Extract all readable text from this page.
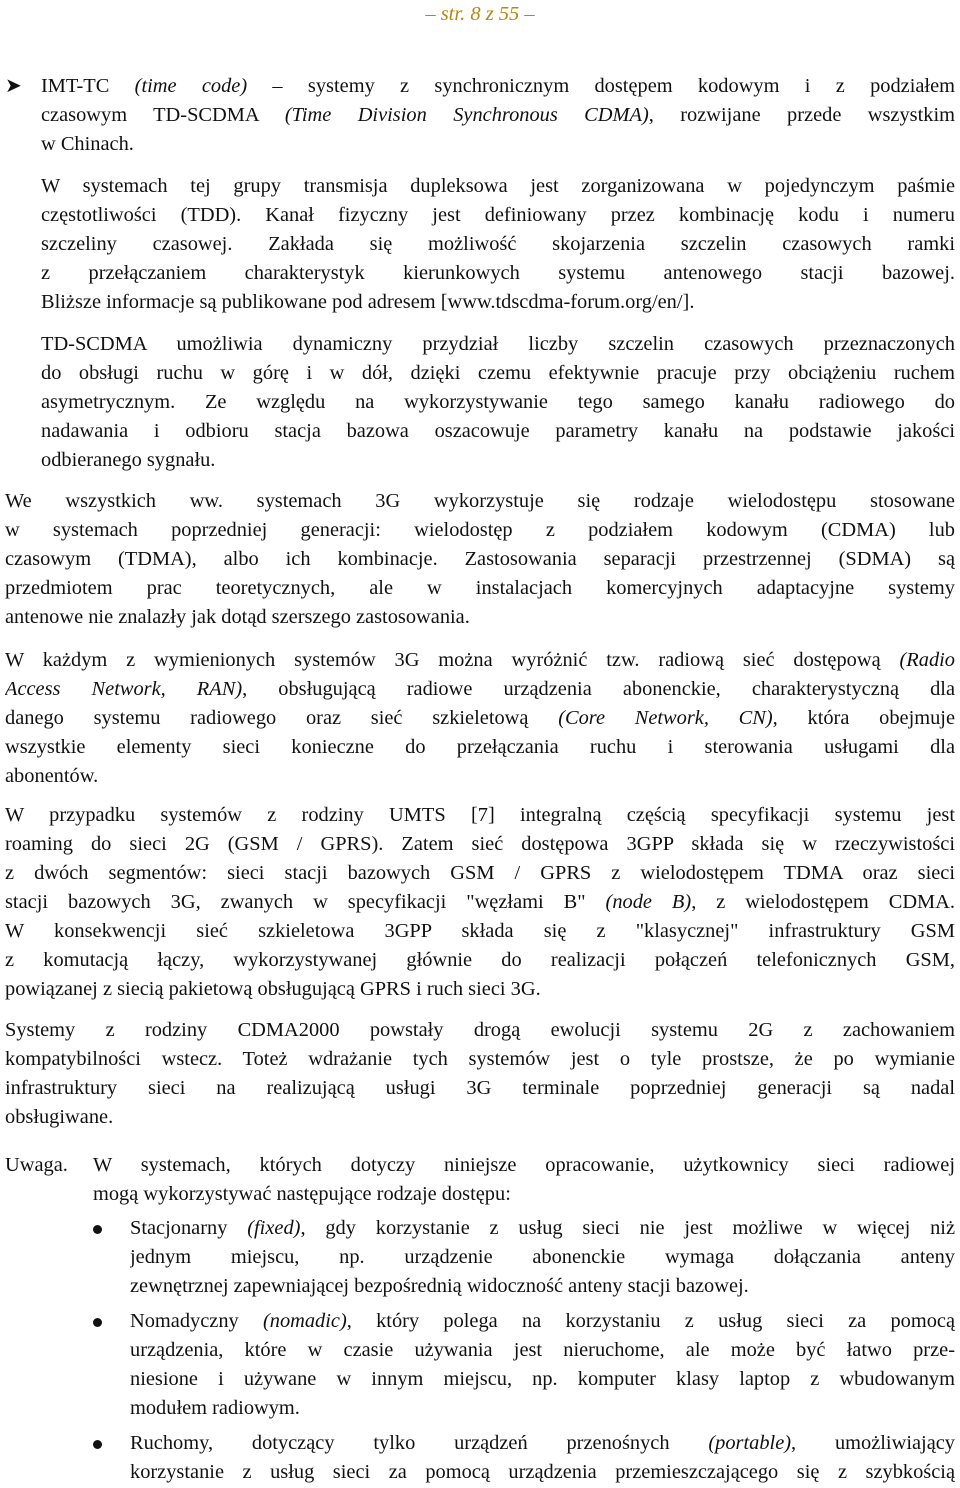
– str. 8 z 55 –
➤ IMT-TC (time code) – systemy z synchronicznym dostępem kodowym i z podziałem
czasowym TD-SCDMA (Time Division Synchronous CDMA), rozwijane przede wszystkim
w Chinach.
W systemach tej grupy transmisja dupleksowa jest zorganizowana w pojedynczym paśmie
częstotliwości (TDD). Kanał fizyczny jest definiowany przez kombinację kodu i numeru
szczeliny czasowej. Zakłada się możliwość skojarzenia szczelin czasowych ramki
z przełączaniem charakterystyk kierunkowych systemu antenowego stacji bazowej.
Bliższe informacje są publikowane pod adresem [www.tdscdma-forum.org/en/].
TD-SCDMA umożliwia dynamiczny przydział liczby szczelin czasowych przeznaczonych
do obsługi ruchu w górę i w dół, dzięki czemu efektywnie pracuje przy obciążeniu ruchem
asymetrycznym. Ze względu na wykorzystywanie tego samego kanału radiowego do
nadawania i odbioru stacja bazowa oszacowuje parametry kanału na podstawie jakości
odbieranego sygnału.
We wszystkich ww. systemach 3G wykorzystuje się rodzaje wielodostępu stosowane
w systemach poprzedniej generacji: wielodostęp z podziałem kodowym (CDMA) lub
czasowym (TDMA), albo ich kombinacje. Zastosowania separacji przestrzennej (SDMA) są
przedmiotem prac teoretycznych, ale w instalacjach komercyjnych adaptacyjne systemy
antenowe nie znalazły jak dotąd szerszego zastosowania.
W każdym z wymienionych systemów 3G można wyróżnić tzw. radiową sieć dostępową (Radio
Access Network, RAN), obsługującą radiowe urządzenia abonenckie, charakterystyczną dla
danego systemu radiowego oraz sieć szkieletową (Core Network, CN), która obejmuje
wszystkie elementy sieci konieczne do przełączania ruchu i sterowania usługami dla
abonentów.
W przypadku systemów z rodziny UMTS [7] integralną częścią specyfikacji systemu jest
roaming do sieci 2G (GSM / GPRS). Zatem sieć dostępowa 3GPP składa się w rzeczywistości
z dwóch segmentów: sieci stacji bazowych GSM / GPRS z wielodostępem TDMA oraz sieci
stacji bazowych 3G, zwanych w specyfikacji "węzłami B" (node B), z wielodostępem CDMA.
W konsekwencji sieć szkieletowa 3GPP składa się z "klasycznej" infrastruktury GSM
z komutacją łączy, wykorzystywanej głównie do realizacji połączeń telefonicznych GSM,
powiązanej z siecią pakietową obsługującą GPRS i ruch sieci 3G.
Systemy z rodziny CDMA2000 powstały drogą ewolucji systemu 2G z zachowaniem
kompatybilności wstecz. Toteż wdrażanie tych systemów jest o tyle prostsze, że po wymianie
infrastruktury sieci na realizującą usługi 3G terminale poprzedniej generacji są nadal
obsługiwane.
Uwaga. W systemach, których dotyczy niniejsze opracowanie, użytkownicy sieci radiowej
mogą wykorzystywać następujące rodzaje dostępu:
Stacjonarny (fixed), gdy korzystanie z usług sieci nie jest możliwe w więcej niż
jednym miejscu, np. urządzenie abonenckie wymaga dołączania anteny
zewnętrznej zapewniającej bezpośrednią widoczność anteny stacji bazowej.
Nomadyczny (nomadic), który polega na korzystaniu z usług sieci za pomocą
urządzenia, które w czasie używania jest nieruchome, ale może być łatwo prze-
niesione i używane w innym miejscu, np. komputer klasy laptop z wbudowanym
modułem radiowym.
Ruchomy, dotyczący tylko urządzeń przenośnych (portable), umożliwiający
korzystanie z usług sieci za pomocą urządzenia przemieszczającego się z szybkością
